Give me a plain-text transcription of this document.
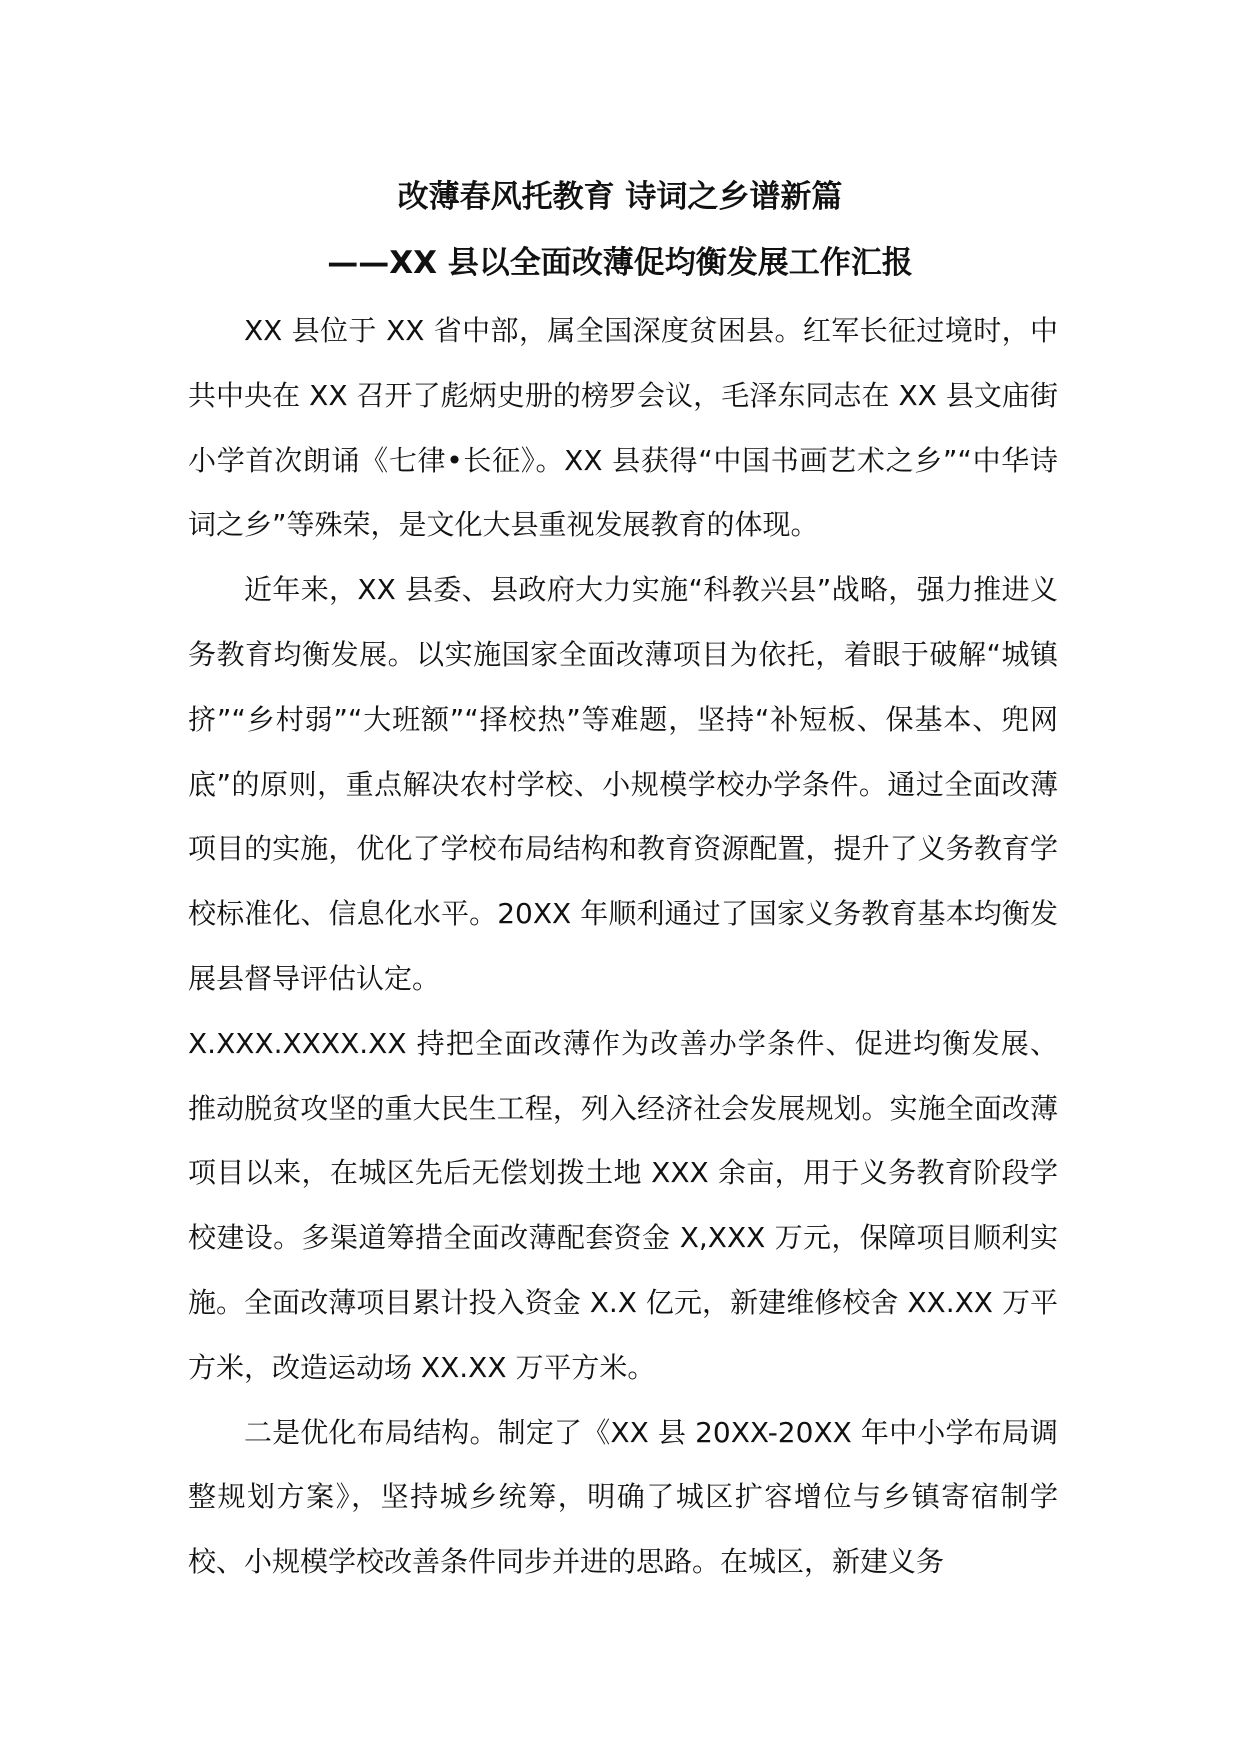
改薄春风托教育 诗词之乡谱新篇
——XX 县以全面改薄促均衡发展工作汇报

XX 县位于 XX 省中部，属全国深度贫困县。红军长征过境时，中共中央在 XX 召开了彪炳史册的榜罗会议，毛泽东同志在 XX 县文庙街小学首次朗诵《七律•长征》。XX 县获得“中国书画艺术之乡”“中华诗词之乡”等殊荣，是文化大县重视发展教育的体现。

近年来，XX 县委、县政府大力实施“科教兴县”战略，强力推进义务教育均衡发展。以实施国家全面改薄项目为依托，着眼于破解“城镇挤”“乡村弱”“大班额”“择校热”等难题，坚持“补短板、保基本、兜网底”的原则，重点解决农村学校、小规模学校办学条件。通过全面改薄项目的实施，优化了学校布局结构和教育资源配置，提升了义务教育学校标准化、信息化水平。20XX 年顺利通过了国家义务教育基本均衡发展县督导评估认定。

X.XXX.XXXX.XX 持把全面改薄作为改善办学条件、促进均衡发展、推动脱贫攻坚的重大民生工程，列入经济社会发展规划。实施全面改薄项目以来，在城区先后无偿划拨土地 XXX 余亩，用于义务教育阶段学校建设。多渠道筹措全面改薄配套资金 X,XXX 万元，保障项目顺利实施。全面改薄项目累计投入资金 X.X 亿元，新建维修校舍 XX.XX 万平方米，改造运动场 XX.XX 万平方米。

二是优化布局结构。制定了《XX 县 20XX-20XX 年中小学布局调整规划方案》，坚持城乡统筹，明确了城区扩容增位与乡镇寄宿制学校、小规模学校改善条件同步并进的思路。在城区，新建义务
